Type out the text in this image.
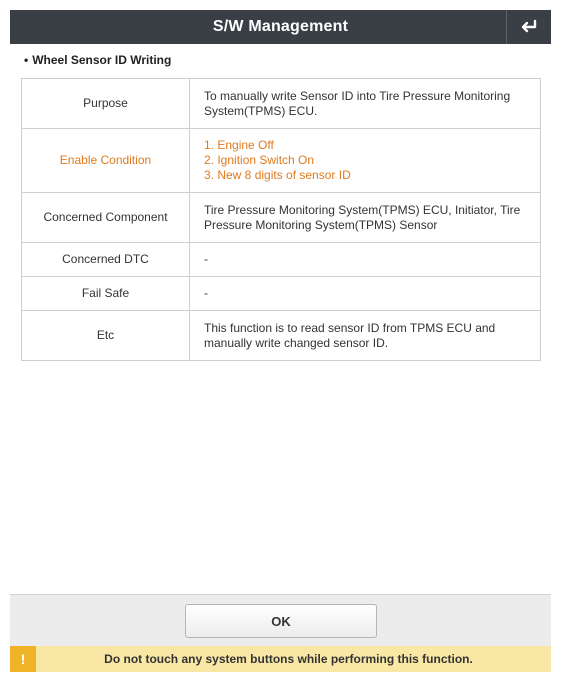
S/W Management
• Wheel Sensor ID Writing
Purpose	To manually write Sensor ID into Tire Pressure Monitoring System(TPMS) ECU.
Enable Condition	1. Engine Off
2. Ignition Switch On
3. New 8 digits of sensor ID

Concerned Component	Tire Pressure Monitoring System(TPMS) ECU, Initiator, Tire Pressure Monitoring System(TPMS) Sensor
Concerned DTC	-
Fail Safe	-
Etc	This function is to read sensor ID from TPMS ECU and manually write changed sensor ID.
OK
!	Do not touch any system buttons while performing this function.
